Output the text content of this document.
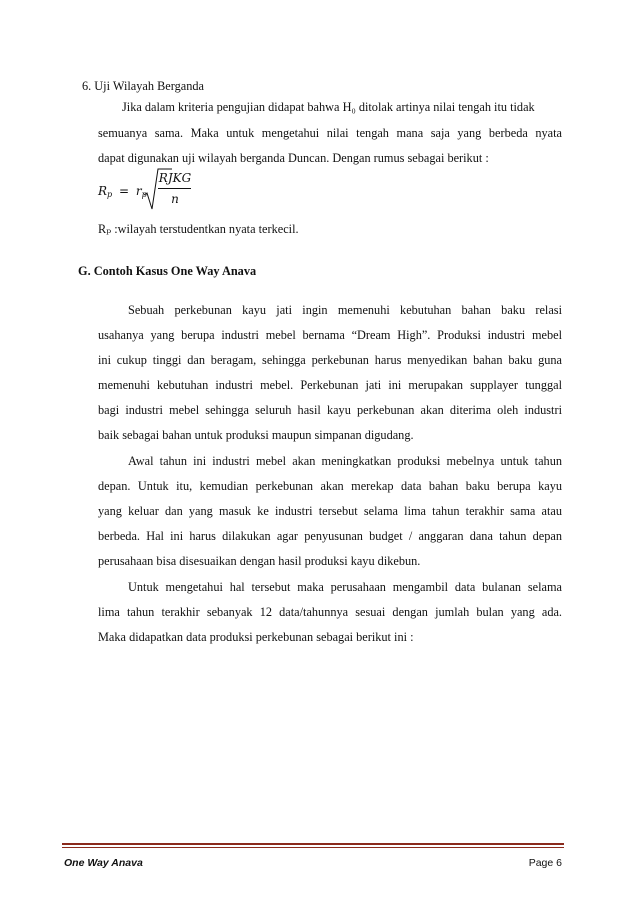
6. Uji Wilayah Berganda
Jika dalam kriteria pengujian didapat bahwa H₀ ditolak artinya nilai tengah itu tidak
semuanya sama. Maka untuk mengetahui nilai tengah mana saja yang berbeda nyata
dapat digunakan uji wilayah berganda Duncan. Dengan rumus sebagai berikut :
$R_p = r_p$
RJKG
n
Rₚ :wilayah terstudentkan nyata terkecil.
G. Contoh Kasus One Way Anava
Sebuah perkebunan kayu jati ingin memenuhi kebutuhan bahan baku relasi
usahanya yang berupa industri mebel bernama “Dream High”. Produksi industri mebel
ini cukup tinggi dan beragam, sehingga perkebunan harus menyedikan bahan baku guna
memenuhi kebutuhan industri mebel. Perkebunan jati ini merupakan supplayer tunggal
bagi industri mebel sehingga seluruh hasil kayu perkebunan akan diterima oleh industri
baik sebagai bahan untuk produksi maupun simpanan digudang.
Awal tahun ini industri mebel akan meningkatkan produksi mebelnya untuk tahun
depan. Untuk itu, kemudian perkebunan akan merekap data bahan baku berupa kayu
yang keluar dan yang masuk ke industri tersebut selama lima tahun terakhir sama atau
berbeda. Hal ini harus dilakukan agar penyusunan budget / anggaran dana tahun depan
perusahaan bisa disesuaikan dengan hasil produksi kayu dikebun.
Untuk mengetahui hal tersebut maka perusahaan mengambil data bulanan selama
lima tahun terakhir sebanyak 12 data/tahunnya sesuai dengan jumlah bulan yang ada.
Maka didapatkan data produksi perkebunan sebagai berikut ini :
One Way Anava	Page 6
